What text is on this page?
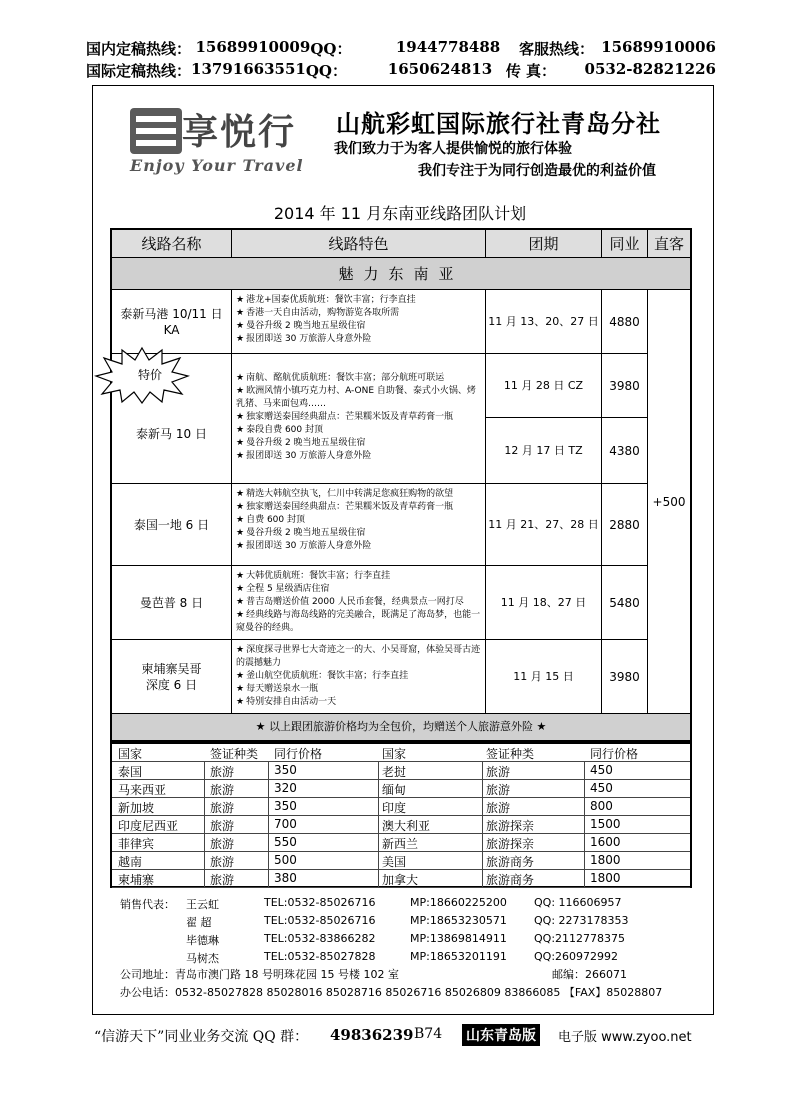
国内定稿热线： 15689910009 QQ：	1944778488	客服热线： 15689910006
国际定稿热线： 13791663551 QQ：	1650624813 传 真：	0532-82821226
享悦行
Enjoy Your Travel
山航彩虹国际旅行社青岛分社
我们致力于为客人提供愉悦的旅行体验
我们专注于为同行创造最优的利益价值
2014 年 11 月东南亚线路团队计划
线路名称	线路特色	团期	同业 直客
魅力东南亚
泰新马港 10/11 日
KA
★ 港龙+国泰优质航班：餐饮丰富；行李直挂
★ 香港一天自由活动，购物游览各取所需
★ 曼谷升级 2 晚当地五星级住宿
★ 报团即送 30 万旅游人身意外险
11 月 13、20、27 日 4880
泰新马 10 日
★ 南航、酩航优质航班：餐饮丰富；部分航班可联运
★ 欧洲风情小镇巧克力村、A-ONE 自助餐、泰式小火锅、烤乳猪、马来面包鸡……
★ 独家赠送泰国经典甜点：芒果糯米饭及青草药膏一瓶
★ 泰段自费 600 封顶
★ 曼谷升级 2 晚当地五星级住宿
★ 报团即送 30 万旅游人身意外险
11 月 28 日 CZ	3980
12 月 17 日 TZ	4380
泰国一地 6 日
★ 精选大韩航空执飞，仁川中转满足您疯狂购物的欲望
★ 独家赠送泰国经典甜点：芒果糯米饭及青草药膏一瓶
★ 自费 600 封顶
★ 曼谷升级 2 晚当地五星级住宿
★ 报团即送 30 万旅游人身意外险
11 月 21、27、28 日 2880
曼芭普 8 日
★ 大韩优质航班：餐饮丰富；行李直挂
★ 全程 5 星级酒店住宿
★ 普吉岛赠送价值 2000 人民币套餐，经典景点一网打尽
★ 经典线路与海岛线路的完美融合，既满足了海岛梦，也能一窥曼谷的经典。
11 月 18、27 日	5480
柬埔寨吴哥
深度 6 日
★ 深度探寻世界七大奇迹之一的大、小吴哥窟，体验吴哥古迹的震撼魅力
★ 釜山航空优质航班：餐饮丰富；行李直挂
★ 每天赠送泉水一瓶
★ 特别安排自由活动一天
11 月 15 日	3980
+500
★ 以上跟团旅游价格均为全包价，均赠送个人旅游意外险 ★
特价
国家	签证种类 同行价格	国家	签证种类	同行价格
泰国	旅游	350	老挝	旅游	450
马来西亚	旅游	320	缅甸	旅游	450
新加坡	旅游	350	印度	旅游	800
印度尼西亚	旅游	700	澳大利亚	旅游探亲	1500
菲律宾	旅游	550	新西兰	旅游探亲	1600
越南	旅游	500	美国	旅游商务	1800
柬埔寨	旅游	380	加拿大	旅游商务	1800
销售代表： 王云虹	TEL:0532-85026716	MP:18660225200 QQ: 116606957
翟 超	TEL:0532-85026716	MP:18653230571 QQ: 2273178353
毕德琳	TEL:0532-83866282	MP:13869814911 QQ:2112778375
马树杰	TEL:0532-85027828	MP:18653201191 QQ:260972992
公司地址：青岛市澳门路 18 号明珠花园 15 号楼 102 室	邮编：266071
办公电话：0532-85027828 85028016 85028716 85026716 85026809 83866085 【FAX】85028807
“信游天下”同业业务交流 QQ 群： 49836239 B74 山东青岛版	电子版 www.zyoo.net
